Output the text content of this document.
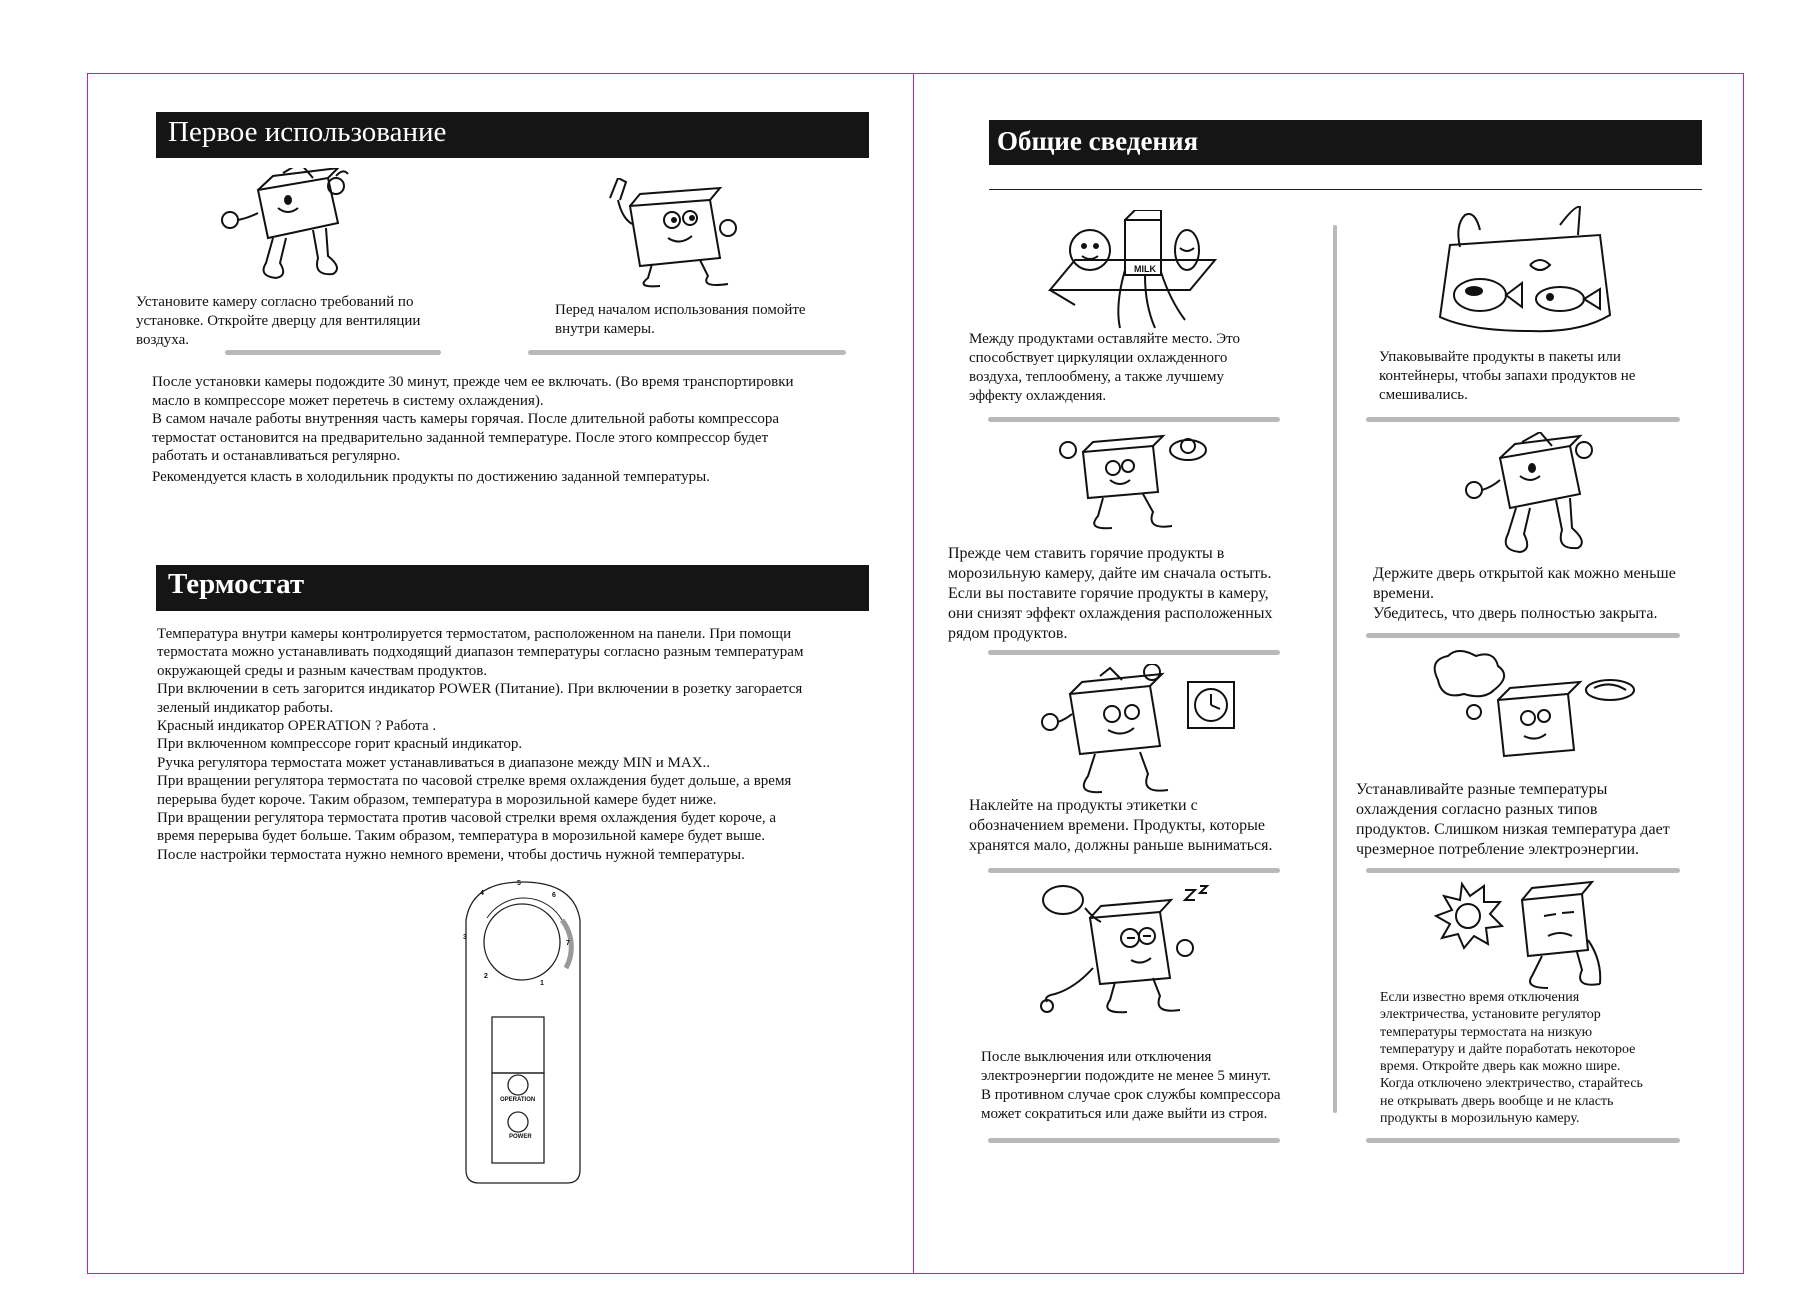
Первое использование
Установите камеру согласно требований по
установке. Откройте дверцу для вентиляции
воздуха.
Перед началом использования помойте
внутри камеры.
После установки камеры подождите 30 минут, прежде чем ее включать. (Во время транспортировки
масло в компрессоре может перетечь в систему охлаждения).
В самом начале работы внутренняя часть камеры горячая. После длительной работы компрессора
термостат остановится на предварительно заданной температуре. После этого компрессор будет
работать и останавливаться регулярно.
Рекомендуется класть в холодильник продукты по достижению заданной температуры.
Термостат
Температура внутри камеры контролируется термостатом, расположенном на панели. При помощи
термостата можно устанавливать подходящий диапазон температуры согласно разным температурам
окружающей среды и разным качествам продуктов.
При включении в сеть загорится индикатор POWER (Питание). При включении в розетку загорается
зеленый индикатор работы.
Красный индикатор OPERATION ? Работа .
При включенном компрессоре горит красный индикатор.
Ручка регулятора термостата может устанавливаться в диапазоне между MIN и MAX..
При вращении регулятора термостата по часовой стрелке время охлаждения будет дольше, а время
перерыва будет короче. Таким образом, температура в морозильной камере будет ниже.
При вращении регулятора термостата против часовой стрелки время охлаждения будет короче, а
время перерыва будет больше. Таким образом, температура в морозильной камере будет выше.
После настройки термостата нужно немного времени, чтобы достичь нужной температуры.
5
4	6
3
7
2
1
OPERATION
POWER
Общие сведения
MILK
Между продуктами оставляйте место. Это
способствует циркуляции охлажденного
воздуха, теплообмену, а также лучшему
эффекту охлаждения.
Прежде чем ставить горячие продукты в
морозильную камеру, дайте им сначала остыть.
Если вы поставите горячие продукты в камеру,
они снизят эффект охлаждения расположенных
рядом продуктов.
Наклейте на продукты этикетки с
обозначением времени. Продукты, которые
хранятся мало, должны раньше выниматься.
После выключения или отключения
электроэнергии подождите не менее 5 минут.
В противном случае срок службы компрессора
может сократиться или даже выйти из строя.
Упаковывайте продукты в пакеты или
контейнеры, чтобы запахи продуктов не
смешивались.
Держите дверь открытой как можно меньше
времени.
Убедитесь, что дверь полностью закрыта.
Устанавливайте разные температуры
охлаждения согласно разных типов
продуктов. Слишком низкая температура дает
чрезмерное потребление электроэнергии.
Если известно время отключения
электричества, установите регулятор
температуры термостата на низкую
температуру и дайте поработать некоторое
время. Откройте дверь как можно шире.
Когда отключено электричество, старайтесь
не открывать дверь вообще и не класть
продукты в морозильную камеру.
